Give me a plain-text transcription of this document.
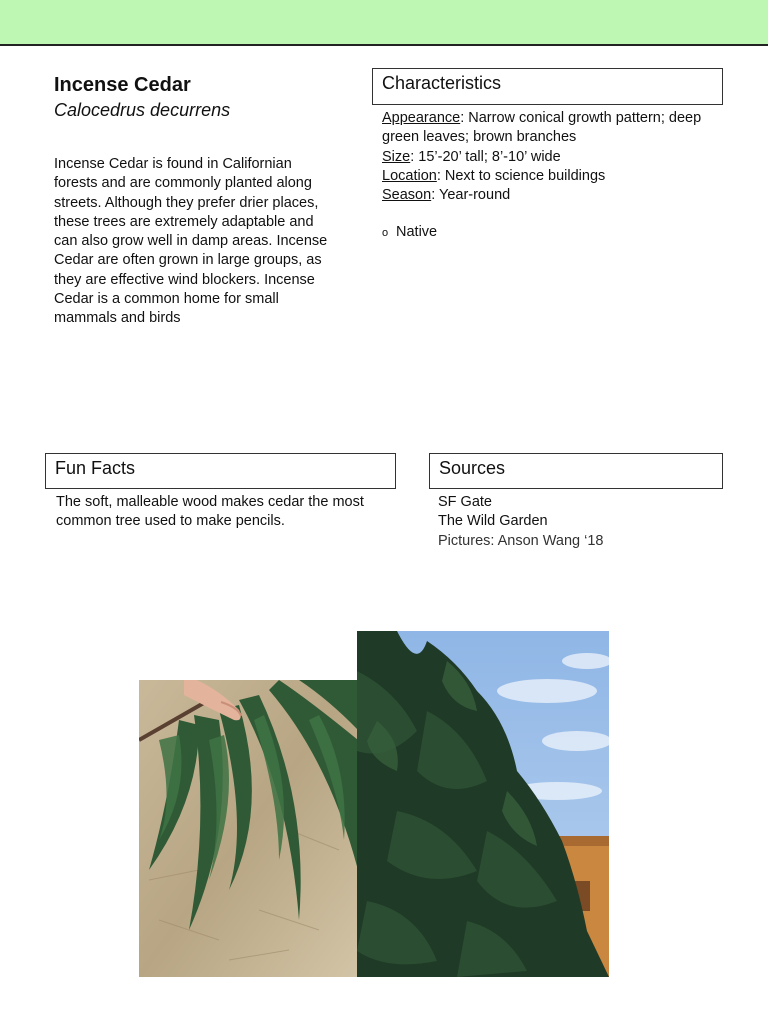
Incense Cedar
Calocedrus decurrens

Incense Cedar is found in Californian forests and are commonly planted along streets. Although they prefer drier places, these trees are extremely adaptable and can also grow well in damp areas. Incense Cedar are often grown in large groups, as they are effective wind blockers. Incense Cedar is a common home for small mammals and birds

Characteristics

Appearance: Narrow conical growth pattern; deep green leaves; brown branches

Size: 15’-20’ tall; 8’-10’ wide

Location: Next to science buildings

Season: Year-round

o Native
Fun Facts

The soft, malleable wood makes cedar the most common tree used to make pencils.

Sources
SF Gate
The Wild Garden
Pictures: Anson Wang ‘18
